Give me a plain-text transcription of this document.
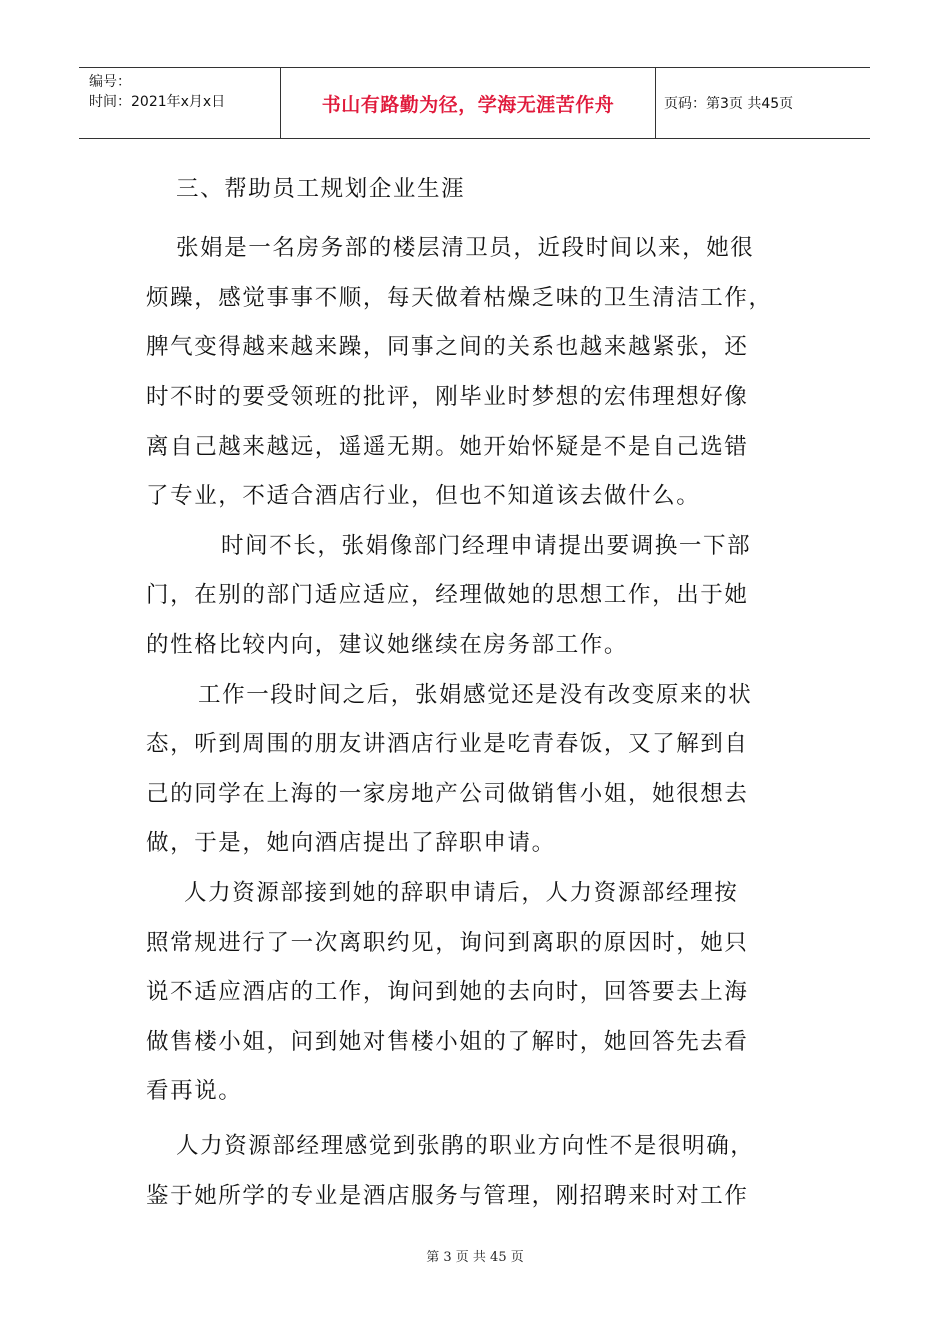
编号：
时间：2021年x月x日	书山有路勤为径，学海无涯苦作舟	页码：第3页 共45页
三、帮助员工规划企业生涯
张娟是一名房务部的楼层清卫员，近段时间以来，她很
烦躁，感觉事事不顺，每天做着枯燥乏味的卫生清洁工作，
脾气变得越来越来躁，同事之间的关系也越来越紧张，还
时不时的要受领班的批评，刚毕业时梦想的宏伟理想好像
离自己越来越远，遥遥无期。她开始怀疑是不是自己选错
了专业，不适合酒店行业，但也不知道该去做什么。
时间不长，张娟像部门经理申请提出要调换一下部
门，在别的部门适应适应，经理做她的思想工作，出于她
的性格比较内向，建议她继续在房务部工作。
工作一段时间之后，张娟感觉还是没有改变原来的状
态，听到周围的朋友讲酒店行业是吃青春饭，又了解到自
己的同学在上海的一家房地产公司做销售小姐，她很想去
做，于是，她向酒店提出了辞职申请。
人力资源部接到她的辞职申请后，人力资源部经理按
照常规进行了一次离职约见，询问到离职的原因时，她只
说不适应酒店的工作，询问到她的去向时，回答要去上海
做售楼小姐，问到她对售楼小姐的了解时，她回答先去看
看再说。
人力资源部经理感觉到张鹃的职业方向性不是很明确，
鉴于她所学的专业是酒店服务与管理，刚招聘来时对工作
第 3 页 共 45 页
